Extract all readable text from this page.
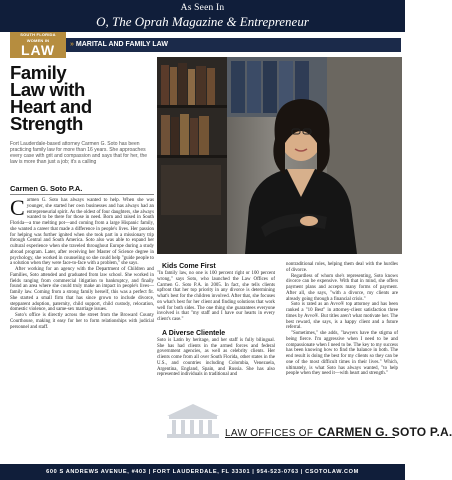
As Seen In
O, The Oprah Magazine & Entrepreneur
SOUTH FLORIDA
WOMEN IN
LAW	» MARITAL AND FAMILY LAW
Family
Law with
Heart and
Strength
Fort Lauderdale-based attorney Carmen G. Soto has been practicing family law for more than 16 years. She approaches every case with grit and compassion and says that for her, the law is more than just a job; it's a calling
Carmen G. Soto P.A.

Carmen G. Soto has always wanted to help. When she was younger, she started her own businesses and has always had an entrepreneurial spirit. As the oldest of four daughters, she always wanted to be there for those in need. Born and raised in South Florida—a true melting pot—and coming from a large Hispanic family, she wanted a career that made a difference in people's lives. Her passion for helping was further ignited when she took part in a missionary trip through Central and South America. Soto also was able to expand her cultural experience when she traveled throughout Europe during a study abroad program. Later, after receiving her Master of Science degree in psychology, she worked in counseling so she could help "guide people to a solution when they were face-to-face with a problem," she says.

After working for an agency with the Department of Children and Families, Soto attended and graduated from law school. She worked in fields ranging from commercial litigation to bankruptcy, and finally found an area where she could truly make an impact in people's lives—family law. Coming from a strong family herself, this was a perfect fit. She started a small firm that has since grown to include divorce, stepparent adoption, paternity, child support, child custody, relocation, domestic violence, and same-sex marriage issues.

Soto's office is directly across the street from the Broward County Courthouse, making it easy for her to form relationships with judicial personnel and staff.

Kids Come First

"In family law, no one is 100 percent right or 100 percent wrong," says Soto, who launched the Law Offices of Carmen G. Soto P.A. in 2005. In fact, she tells clients upfront that her top priority in any divorce is determining what's best for the children involved. After that, she focuses on what's best for her client and finding solutions that work well for both sides. The one thing she guarantees everyone involved is that "my staff and I have our hearts in every client's case."

A Diverse Clientele

Soto is Latin by heritage, and her staff is fully bilingual. She has had clients in the armed forces and federal government agencies, as well as celebrity clients. Her clients come from all over South Florida, other states in the U.S., and countries including Colombia, Venezuela, Argentina, England, Spain, and Russia. She has also represented individuals in traditional and

nontraditional roles, helping them deal with the hurdles of divorce.

Regardless of whom she's representing, Soto knows divorce can be expensive. With that in mind, she offers payment plans and accepts many forms of payment. After all, she says, "with a divorce, my clients are already going through a financial crisis."

Soto is rated as an Avvo® top attorney and has been ranked a "10 Best" in attorney-client satisfaction three times by Avvo®. But titles aren't what motivate her. The best reward, she says, is a happy client and a future referral.

"Sometimes," she adds, "lawyers have the stigma of being fierce. I'm aggressive when I need to be and compassionate when I need to be. The key to my success has been knowing how to find the balance in both. The end result is doing the best for my clients so they can be one of the most difficult times in their lives." Which, ultimately, is what Soto has always wanted, "to help people when they need it—with heart and strength."

LAW OFFICES OF CARMEN G. SOTO P.A.
600 S ANDREWS AVENUE, #403 | FORT LAUDERDALE, FL 33301 | 954-523-0763 | CSOTOLAW.COM
